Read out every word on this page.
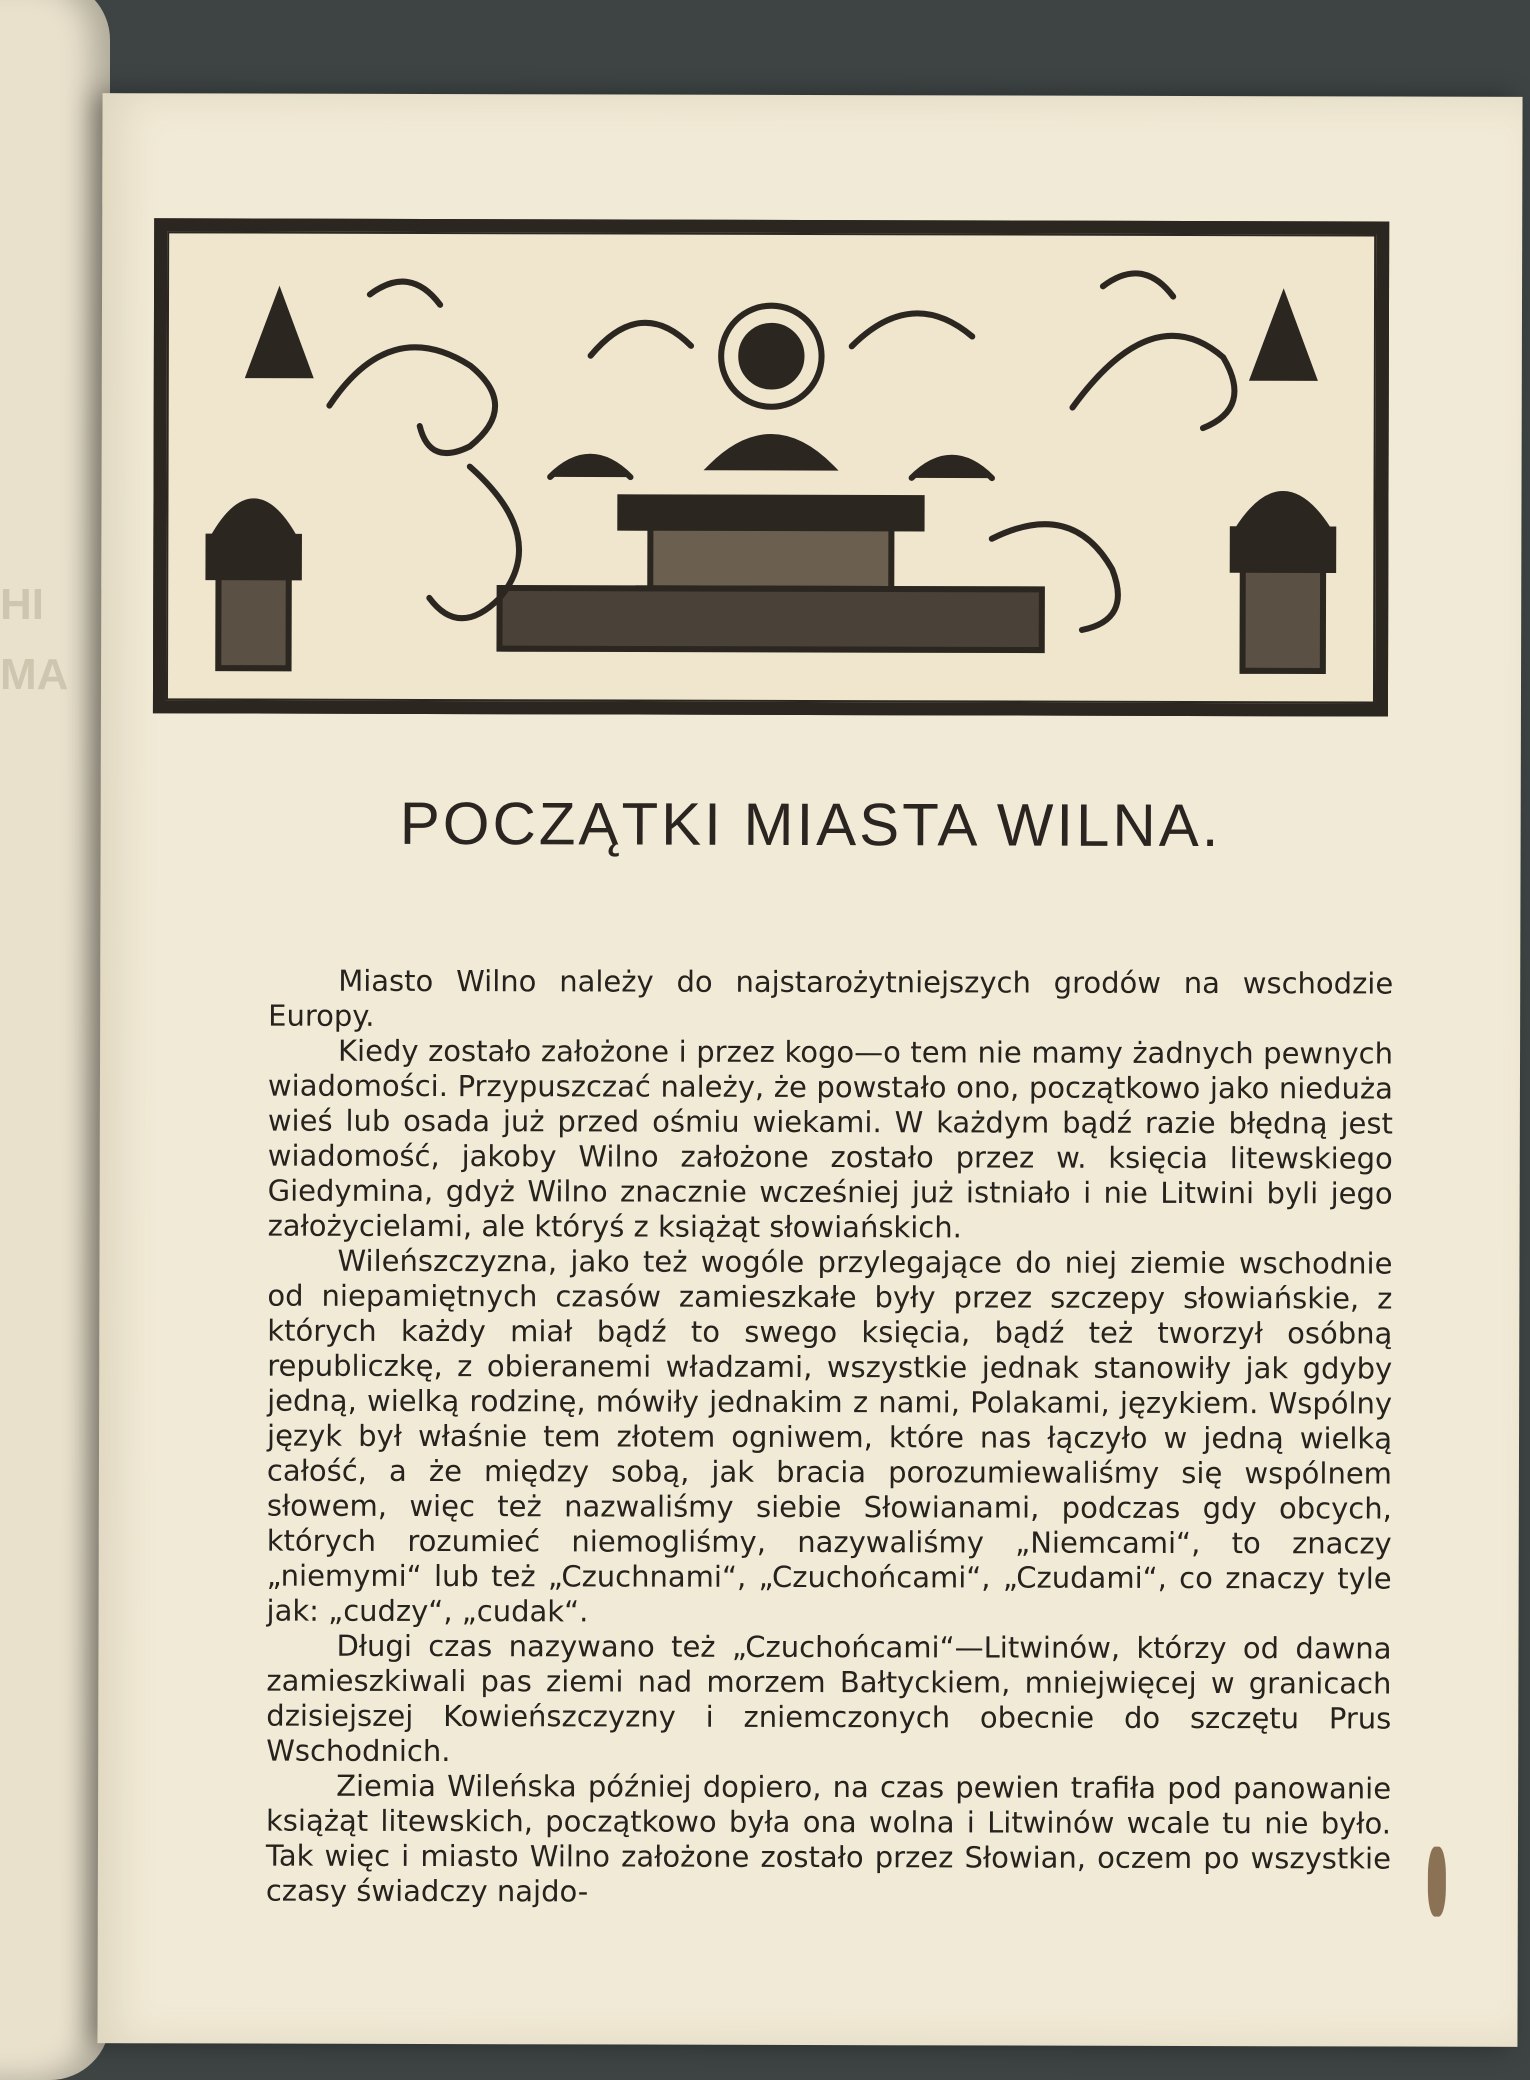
HI
MA
POCZĄTKI MIASTA WILNA.

Miasto Wilno należy do najstarożytniejszych grodów na wschodzie Europy.

Kiedy zostało założone i przez kogo—o tem nie mamy żadnych pewnych wiadomości. Przypuszczać należy, że powstało ono, początkowo jako nieduża wieś lub osada już przed ośmiu wiekami. W każdym bądź razie błędną jest wiadomość, jakoby Wilno założone zostało przez w. księcia litewskiego Giedymina, gdyż Wilno znacznie wcześniej już istniało i nie Litwini byli jego założycielami, ale któryś z książąt słowiańskich.

Wileńszczyzna, jako też wogóle przylegające do niej ziemie wschodnie od niepamiętnych czasów zamieszkałe były przez szczepy słowiańskie, z których każdy miał bądź to swego księcia, bądź też tworzył osóbną republiczkę, z obieranemi władzami, wszystkie jednak stanowiły jak gdyby jedną, wielką rodzinę, mówiły jednakim z nami, Polakami, językiem. Wspólny język był właśnie tem złotem ogniwem, które nas łączyło w jedną wielką całość, a że między sobą, jak bracia porozumiewaliśmy się wspólnem słowem, więc też nazwaliśmy siebie Słowianami, podczas gdy obcych, których rozumieć niemogliśmy, nazywaliśmy „Niemcami“, to znaczy „niemymi“ lub też „Czuchnami“, „Czuchońcami“, „Czudami“, co znaczy tyle jak: „cudzy“, „cudak“.

Długi czas nazywano też „Czuchońcami“—Litwinów, którzy od dawna zamieszkiwali pas ziemi nad morzem Bałtyckiem, mniejwięcej w granicach dzisiejszej Kowieńszczyzny i zniemczonych obecnie do szczętu Prus Wschodnich.

Ziemia Wileńska później dopiero, na czas pewien trafiła pod panowanie książąt litewskich, początkowo była ona wolna i Litwinów wcale tu nie było. Tak więc i miasto Wilno założone zostało przez Słowian, oczem po wszystkie czasy świadczy najdo-
